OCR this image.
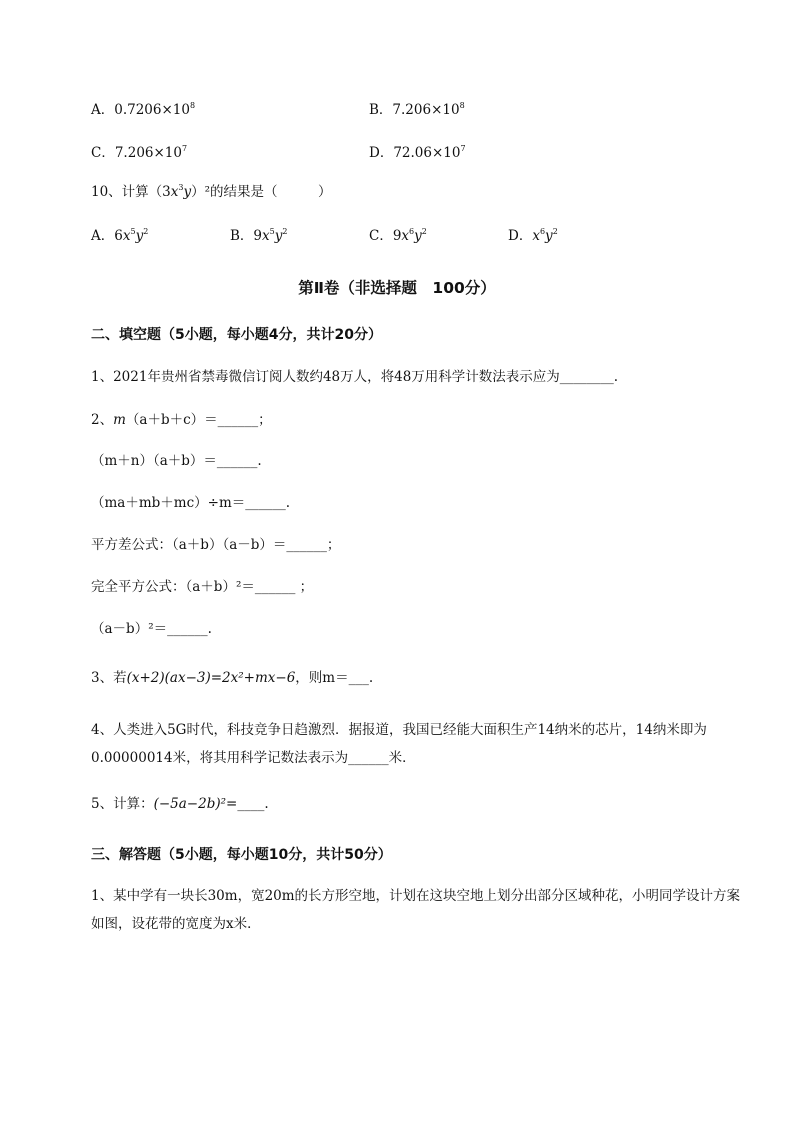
A．$0.7206\times 10^8$	B．$7.206\times 10^8$
C．$7.206\times 10^7$	D．$72.06\times 10^7$
10、计算$(3x^3y)^2$的结果是（　　　）
A．$6x^5y^2$	B．$9x^5y^2$	C．$9x^6y^2$	D．$x^6y^2$
第Ⅱ卷（非选择题　100分）
二、填空题（5小题，每小题4分，共计20分）
1、2021年贵州省禁毒微信订阅人数约48万人，将48万用科学计数法表示应为________.
2、m（a＋b＋c）＝______；
（m＋n）（a＋b）＝______.
（ma＋mb＋mc）÷m＝______.
平方差公式：（a＋b）（a－b）＝______；
完全平方公式：（a＋b）²＝______ ；
（a－b）²＝______.
3、若(x+2)(ax−3)=2x²+mx−6，则m＝___.
4、人类进入5G时代，科技竞争日趋激烈．据报道，我国已经能大面积生产14纳米的芯片，14纳米即为0.00000014米，将其用科学记数法表示为______米．
5、计算：(−5a−2b)²=____.
三、解答题（5小题，每小题10分，共计50分）
1、某中学有一块长30m，宽20m的长方形空地，计划在这块空地上划分出部分区域种花，小明同学设计方案如图，设花带的宽度为x米．
